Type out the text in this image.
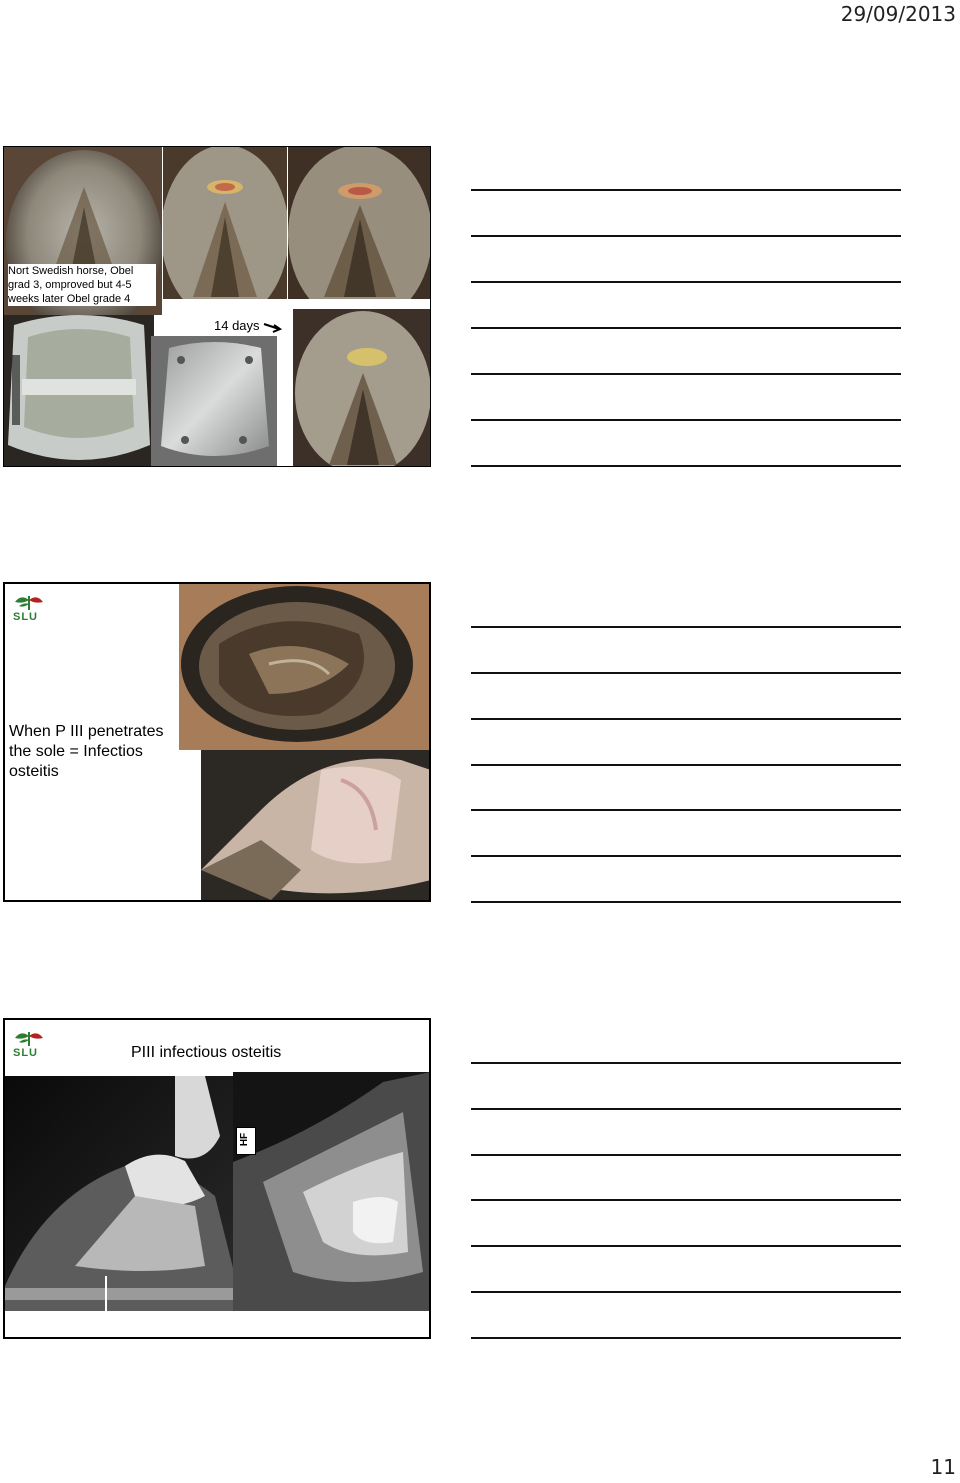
29/09/2013
Nort Swedish horse, Obel grad 3, omproved but 4-5 weeks later Obel grade 4
14 days
SLU
When P III penetrates the sole = Infectios osteitis
SLU	PIII infectious osteitis
HF
11
